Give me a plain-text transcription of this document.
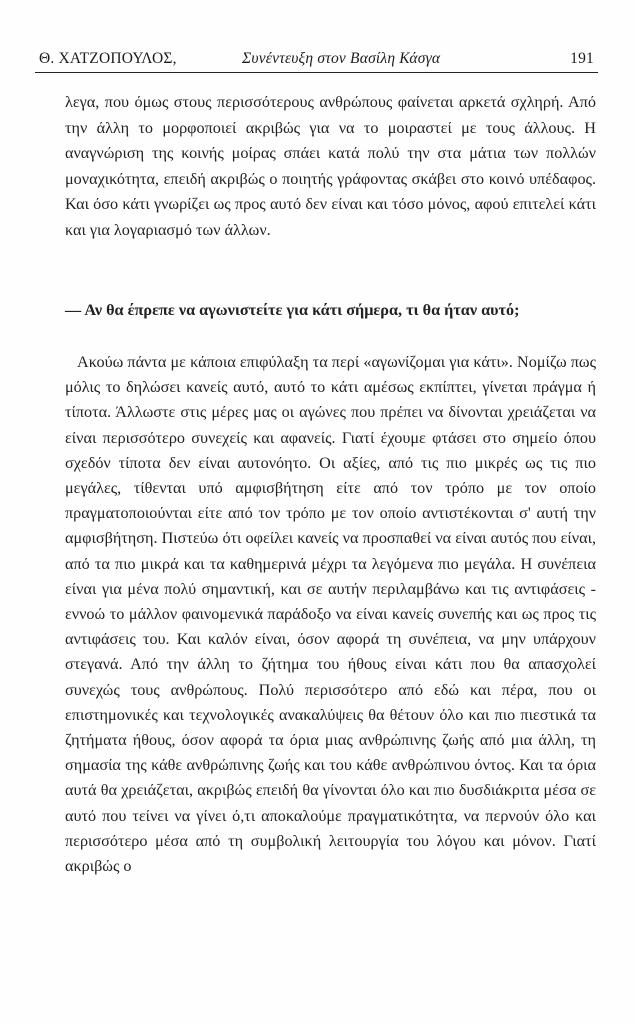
Θ. ΧΑΤΖΟΠΟΥΛΟΣ,	Συνέντευξη στον Βασίλη Κάσγα	191

λεγα, που όμως στους περισσότερους ανθρώπους φαίνεται αρκετά σχληρή. Από την άλλη το μορφοποιεί ακριβώς για να το μοιραστεί με τους άλλους. Η αναγνώριση της κοινής μοίρας σπάει κατά πολύ την στα μάτια των πολλών μοναχικότητα, επειδή ακριβώς ο ποιητής γράφοντας σκάβει στο κοινό υπέδαφος. Και όσο κάτι γνωρίζει ως προς αυτό δεν είναι και τόσο μόνος, αφού επιτελεί κάτι και για λογαριασμό των άλλων.

— Αν θα έπρεπε να αγωνιστείτε για κάτι σήμερα, τι θα ήταν αυτό;

Ακούω πάντα με κάποια επιφύλαξη τα περί «αγωνίζομαι για κάτι». Νομίζω πως μόλις το δηλώσει κανείς αυτό, αυτό το κάτι αμέσως εκπίπτει, γίνεται πράγμα ή τίποτα. Άλλωστε στις μέρες μας οι αγώνες που πρέπει να δίνονται χρειάζεται να είναι περισσότερο συνεχείς και αφανείς. Γιατί έχουμε φτάσει στο σημείο όπου σχεδόν τίποτα δεν είναι αυτονόητο. Οι αξίες, από τις πιο μικρές ως τις πιο μεγάλες, τίθενται υπό αμφισβήτηση είτε από τον τρόπο με τον οποίο πραγματοποιούνται είτε από τον τρόπο με τον οποίο αντιστέκονται σ' αυτή την αμφισβήτηση. Πιστεύω ότι οφείλει κανείς να προσπαθεί να είναι αυτός που είναι, από τα πιο μικρά και τα καθημερινά μέχρι τα λεγόμενα πιο μεγάλα. Η συνέπεια είναι για μένα πολύ σημαντική, και σε αυτήν περιλαμβάνω και τις αντιφάσεις - εννοώ το μάλλον φαινομενικά παράδοξο να είναι κανείς συνεπής και ως προς τις αντιφάσεις του. Και καλόν είναι, όσον αφορά τη συνέπεια, να μην υπάρχουν στεγανά. Από την άλλη το ζήτημα του ήθους είναι κάτι που θα απασχολεί συνεχώς τους ανθρώπους. Πολύ περισσότερο από εδώ και πέρα, που οι επιστημονικές και τεχνολογικές ανακαλύψεις θα θέτουν όλο και πιο πιεστικά τα ζητήματα ήθους, όσον αφορά τα όρια μιας ανθρώπινης ζωής από μια άλλη, τη σημασία της κάθε ανθρώπινης ζωής και του κάθε ανθρώπινου όντος. Και τα όρια αυτά θα χρειάζεται, ακριβώς επειδή θα γίνονται όλο και πιο δυσδιάκριτα μέσα σε αυτό που τείνει να γίνει ό,τι αποκαλούμε πραγματικότητα, να περνούν όλο και περισσότερο μέσα από τη συμβολική λειτουργία του λόγου και μόνον. Γιατί ακριβώς ο
